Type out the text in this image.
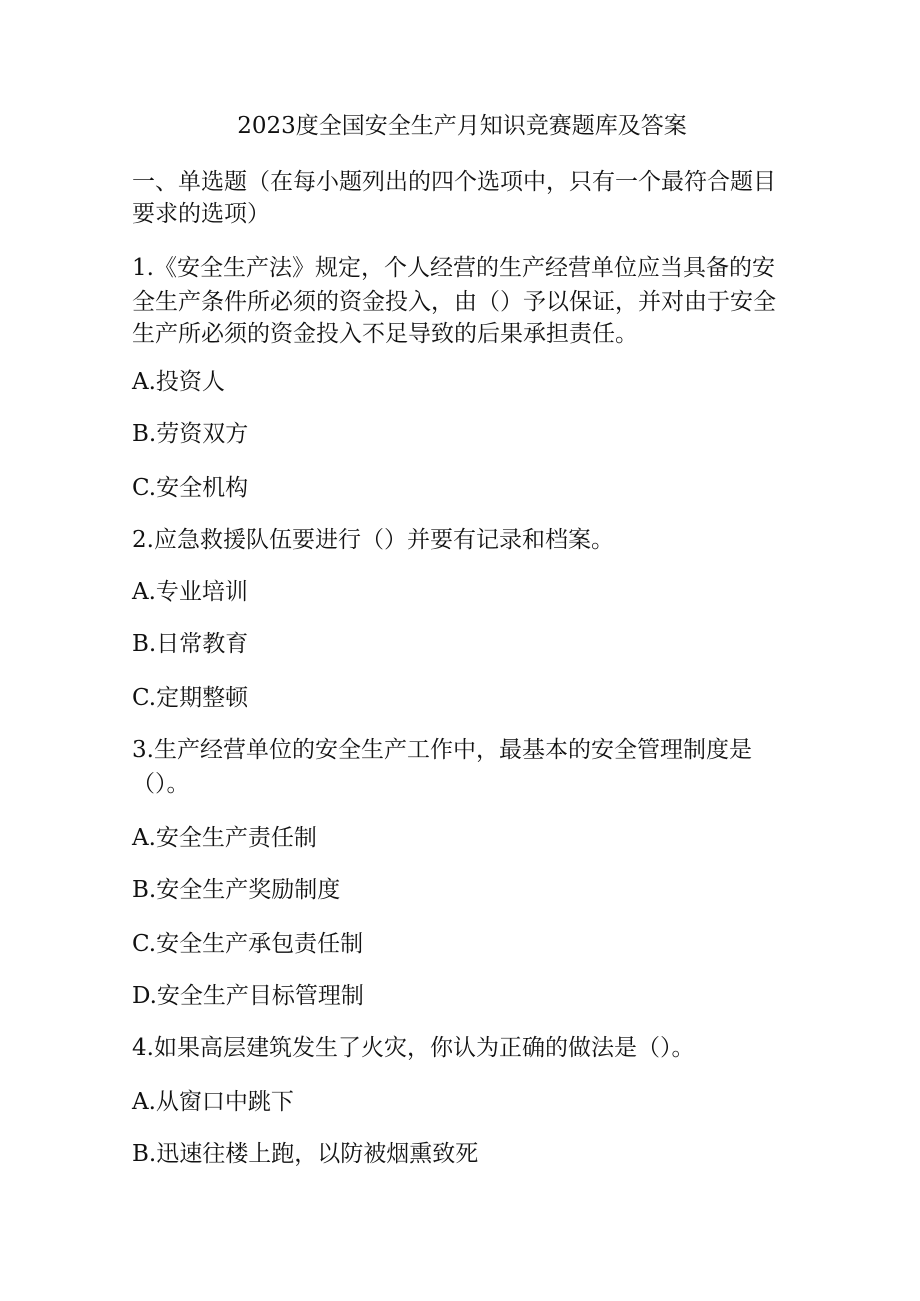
2023度全国安全生产月知识竞赛题库及答案
一、单选题（在每小题列出的四个选项中，只有一个最符合题目
要求的选项）
1.《安全生产法》规定，个人经营的生产经营单位应当具备的安
全生产条件所必须的资金投入，由（）予以保证，并对由于安全
生产所必须的资金投入不足导致的后果承担责任。
A.投资人
B.劳资双方
C.安全机构
2.应急救援队伍要进行（）并要有记录和档案。
A.专业培训
B.日常教育
C.定期整顿
3.生产经营单位的安全生产工作中，最基本的安全管理制度是
（）。
A.安全生产责任制
B.安全生产奖励制度
C.安全生产承包责任制
D.安全生产目标管理制
4.如果高层建筑发生了火灾，你认为正确的做法是（）。
A.从窗口中跳下
B.迅速往楼上跑，以防被烟熏致死
